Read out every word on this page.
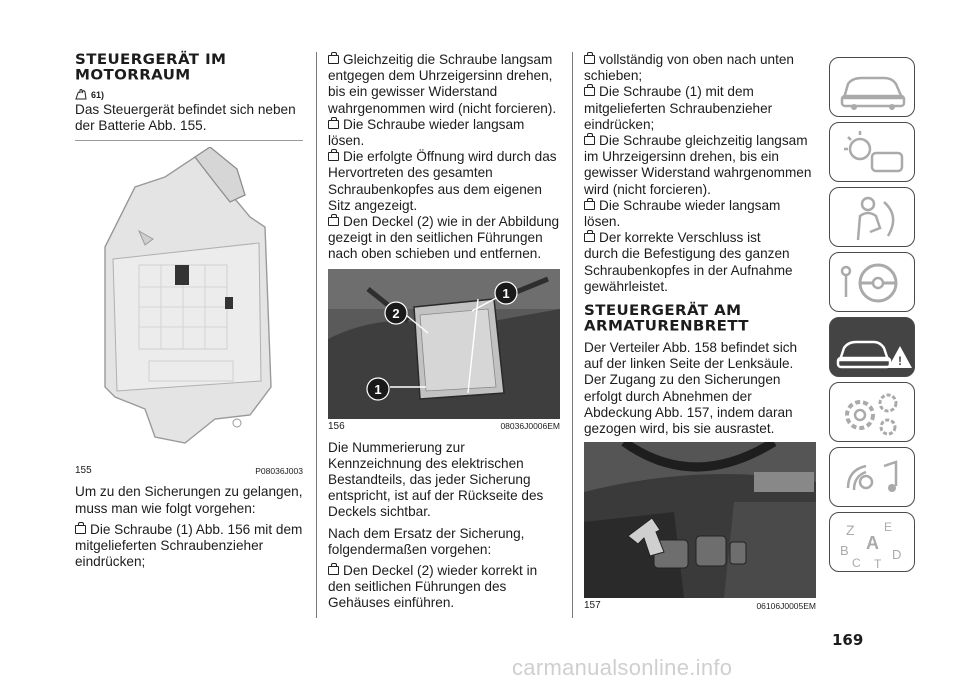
STEUERGERÄT IM MOTORRAUM
61)
Das Steuergerät befindet sich neben der Batterie Abb. 155.
155	P08036J003
Um zu den Sicherungen zu gelangen, muss man wie folgt vorgehen:
Die Schraube (1) Abb. 156 mit dem mitgelieferten Schraubenzieher eindrücken;
Gleichzeitig die Schraube langsam entgegen dem Uhrzeigersinn drehen, bis ein gewisser Widerstand wahrgenommen wird (nicht forcieren).
Die Schraube wieder langsam lösen.
Die erfolgte Öffnung wird durch das Hervortreten des gesamten Schraubenkopfes aus dem eigenen Sitz angezeigt.
Den Deckel (2) wie in der Abbildung gezeigt in den seitlichen Führungen nach oben schieben und entfernen.
1
2
1
156	08036J0006EM
Die Nummerierung zur Kennzeichnung des elektrischen Bestandteils, das jeder Sicherung entspricht, ist auf der Rückseite des Deckels sichtbar.
Nach dem Ersatz der Sicherung, folgendermaßen vorgehen:
Den Deckel (2) wieder korrekt in den seitlichen Führungen des Gehäuses einführen.
vollständig von oben nach unten schieben;
Die Schraube (1) mit dem mitgelieferten Schraubenzieher eindrücken;
Die Schraube gleichzeitig langsam im Uhrzeigersinn drehen, bis ein gewisser Widerstand wahrgenommen wird (nicht forcieren).
Die Schraube wieder langsam lösen.
Der korrekte Verschluss ist
durch die Befestigung des ganzen Schraubenkopfes in der Aufnahme gewährleistet.
STEUERGERÄT AM ARMATURENBRETT
Der Verteiler Abb. 158 befindet sich auf der linken Seite der Lenksäule. Der Zugang zu den Sicherungen erfolgt durch Abnehmen der Abdeckung Abb. 157, indem daran gezogen wird, bis sie ausrastet.
157	06106J0005EM
!
Z E
A
B
C T
D
169
carmanualsonline.info
